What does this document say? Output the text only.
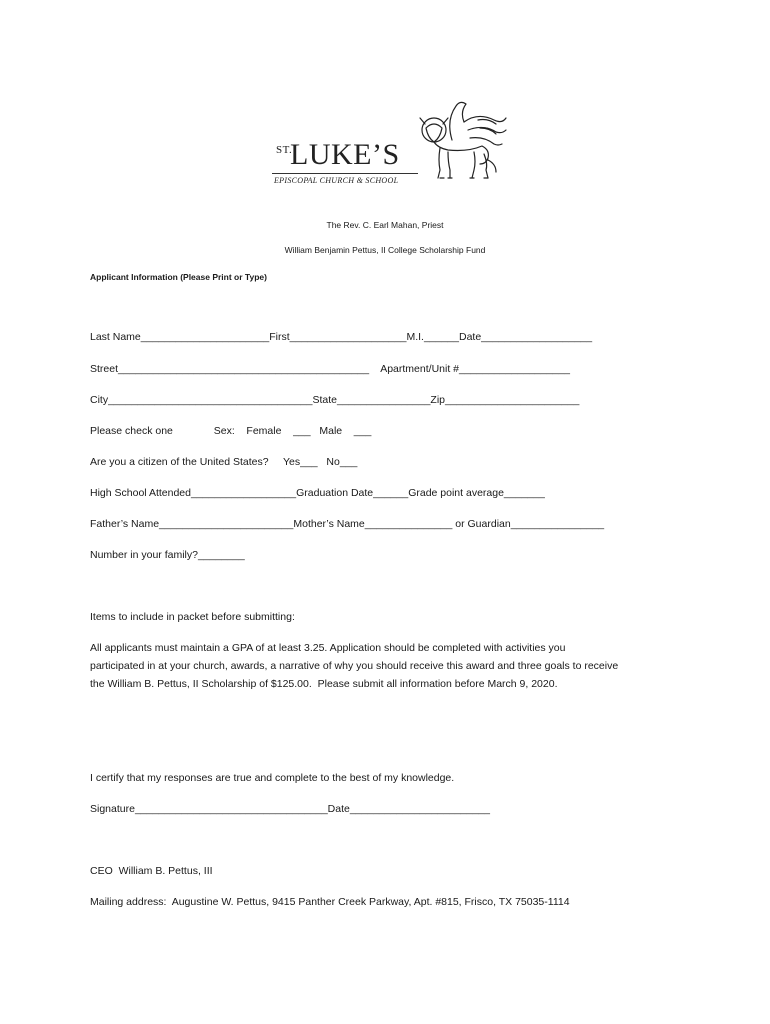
ST.
LUKE’S
EPISCOPAL CHURCH & SCHOOL
The Rev. C. Earl Mahan, Priest
William Benjamin Pettus, II College Scholarship Fund
Applicant Information (Please Print or Type)
Last Name______________________First____________________M.I.______Date___________________
Street___________________________________________    Apartment/Unit #___________________
City___________________________________State________________Zip_______________________
Please check one              Sex:    Female    ___   Male    ___
Are you a citizen of the United States?     Yes___   No___
High School Attended__________________Graduation Date______Grade point average_______
Father’s Name_______________________Mother’s Name_______________ or Guardian________________
Number in your family?________
Items to include in packet before submitting:
All applicants must maintain a GPA of at least 3.25. Application should be completed with activities you
participated in at your church, awards, a narrative of why you should receive this award and three goals to receive
the William B. Pettus, II Scholarship of $125.00.  Please submit all information before March 9, 2020.
I certify that my responses are true and complete to the best of my knowledge.
Signature_________________________________Date________________________
CEO  William B. Pettus, III
Mailing address:  Augustine W. Pettus, 9415 Panther Creek Parkway, Apt. #815, Frisco, TX 75035-1114
